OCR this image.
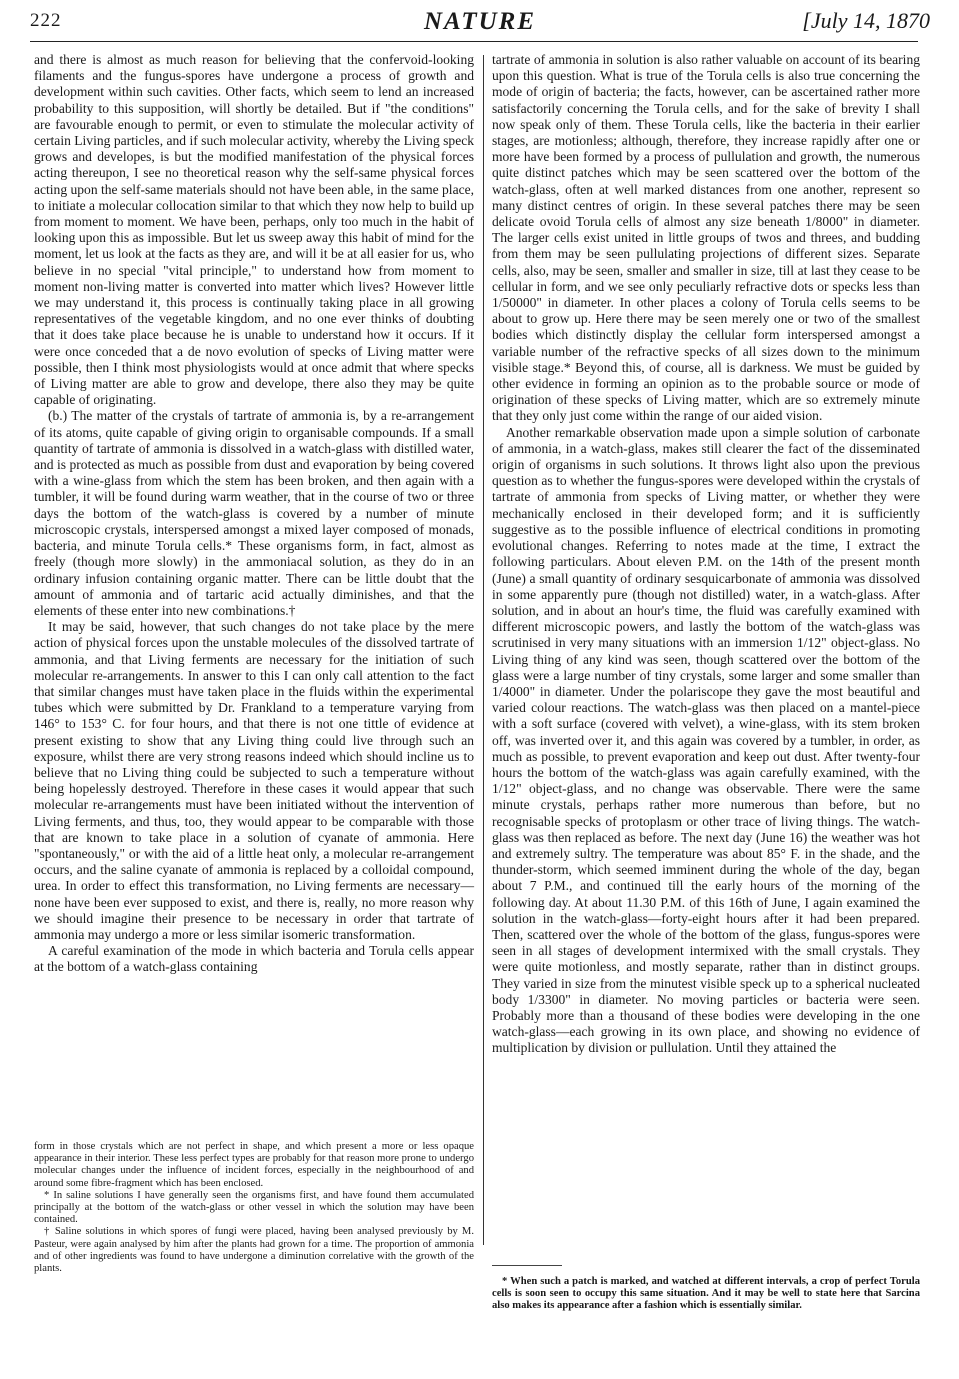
222	NATURE	[July 14, 1870

and there is almost as much reason for believing that the confervoid-looking filaments and the fungus-spores have undergone a process of growth and development within such cavities. Other facts, which seem to lend an increased probability to this supposition, will shortly be detailed. But if "the conditions" are favourable enough to permit, or even to stimulate the molecular activity of certain Living particles, and if such molecular activity, whereby the Living speck grows and developes, is but the modified manifestation of the physical forces acting thereupon, I see no theoretical reason why the self-same physical forces acting upon the self-same materials should not have been able, in the same place, to initiate a molecular collocation similar to that which they now help to build up from moment to moment. We have been, perhaps, only too much in the habit of looking upon this as impossible. But let us sweep away this habit of mind for the moment, let us look at the facts as they are, and will it be at all easier for us, who believe in no special "vital principle," to understand how from moment to moment non-living matter is converted into matter which lives? However little we may understand it, this process is continually taking place in all growing representatives of the vegetable kingdom, and no one ever thinks of doubting that it does take place because he is unable to understand how it occurs. If it were once conceded that a de novo evolution of specks of Living matter were possible, then I think most physiologists would at once admit that where specks of Living matter are able to grow and develope, there also they may be quite capable of originating.

(b.) The matter of the crystals of tartrate of ammonia is, by a re-arrangement of its atoms, quite capable of giving origin to organisable compounds. If a small quantity of tartrate of ammonia is dissolved in a watch-glass with distilled water, and is protected as much as possible from dust and evaporation by being covered with a wine-glass from which the stem has been broken, and then again with a tumbler, it will be found during warm weather, that in the course of two or three days the bottom of the watch-glass is covered by a number of minute microscopic crystals, interspersed amongst a mixed layer composed of monads, bacteria, and minute Torula cells.* These organisms form, in fact, almost as freely (though more slowly) in the ammoniacal solution, as they do in an ordinary infusion containing organic matter. There can be little doubt that the amount of ammonia and of tartaric acid actually diminishes, and that the elements of these enter into new combinations.†

It may be said, however, that such changes do not take place by the mere action of physical forces upon the unstable molecules of the dissolved tartrate of ammonia, and that Living ferments are necessary for the initiation of such molecular re-arrangements. In answer to this I can only call attention to the fact that similar changes must have taken place in the fluids within the experimental tubes which were submitted by Dr. Frankland to a temperature varying from 146° to 153° C. for four hours, and that there is not one tittle of evidence at present existing to show that any Living thing could live through such an exposure, whilst there are very strong reasons indeed which should incline us to believe that no Living thing could be subjected to such a temperature without being hopelessly destroyed. Therefore in these cases it would appear that such molecular re-arrangements must have been initiated without the intervention of Living ferments, and thus, too, they would appear to be comparable with those that are known to take place in a solution of cyanate of ammonia. Here "spontaneously," or with the aid of a little heat only, a molecular re-arrangement occurs, and the saline cyanate of ammonia is replaced by a colloidal compound, urea. In order to effect this transformation, no Living ferments are necessary—none have been ever supposed to exist, and there is, really, no more reason why we should imagine their presence to be necessary in order that tartrate of ammonia may undergo a more or less similar isomeric transformation.

A careful examination of the mode in which bacteria and Torula cells appear at the bottom of a watch-glass containing

form in those crystals which are not perfect in shape, and which present a more or less opaque appearance in their interior. These less perfect types are probably for that reason more prone to undergo molecular changes under the influence of incident forces, especially in the neighbourhood of and around some fibre-fragment which has been enclosed.

* In saline solutions I have generally seen the organisms first, and have found them accumulated principally at the bottom of the watch-glass or other vessel in which the solution may have been contained.

† Saline solutions in which spores of fungi were placed, having been analysed previously by M. Pasteur, were again analysed by him after the plants had grown for a time. The proportion of ammonia and of other ingredients was found to have undergone a diminution correlative with the growth of the plants.

tartrate of ammonia in solution is also rather valuable on account of its bearing upon this question. What is true of the Torula cells is also true concerning the mode of origin of bacteria; the facts, however, can be ascertained rather more satisfactorily concerning the Torula cells, and for the sake of brevity I shall now speak only of them. These Torula cells, like the bacteria in their earlier stages, are motionless; although, therefore, they increase rapidly after one or more have been formed by a process of pullulation and growth, the numerous quite distinct patches which may be seen scattered over the bottom of the watch-glass, often at well marked distances from one another, represent so many distinct centres of origin. In these several patches there may be seen delicate ovoid Torula cells of almost any size beneath 1/8000" in diameter. The larger cells exist united in little groups of twos and threes, and budding from them may be seen pullulating projections of different sizes. Separate cells, also, may be seen, smaller and smaller in size, till at last they cease to be cellular in form, and we see only peculiarly refractive dots or specks less than 1/50000" in diameter. In other places a colony of Torula cells seems to be about to grow up. Here there may be seen merely one or two of the smallest bodies which distinctly display the cellular form interspersed amongst a variable number of the refractive specks of all sizes down to the minimum visible stage.* Beyond this, of course, all is darkness. We must be guided by other evidence in forming an opinion as to the probable source or mode of origination of these specks of Living matter, which are so extremely minute that they only just come within the range of our aided vision.

Another remarkable observation made upon a simple solution of carbonate of ammonia, in a watch-glass, makes still clearer the fact of the disseminated origin of organisms in such solutions. It throws light also upon the previous question as to whether the fungus-spores were developed within the crystals of tartrate of ammonia from specks of Living matter, or whether they were mechanically enclosed in their developed form; and it is sufficiently suggestive as to the possible influence of electrical conditions in promoting evolutional changes. Referring to notes made at the time, I extract the following particulars. About eleven P.M. on the 14th of the present month (June) a small quantity of ordinary sesquicarbonate of ammonia was dissolved in some apparently pure (though not distilled) water, in a watch-glass. After solution, and in about an hour's time, the fluid was carefully examined with different microscopic powers, and lastly the bottom of the watch-glass was scrutinised in very many situations with an immersion 1/12" object-glass. No Living thing of any kind was seen, though scattered over the bottom of the glass were a large number of tiny crystals, some larger and some smaller than 1/4000" in diameter. Under the polariscope they gave the most beautiful and varied colour reactions. The watch-glass was then placed on a mantel-piece with a soft surface (covered with velvet), a wine-glass, with its stem broken off, was inverted over it, and this again was covered by a tumbler, in order, as much as possible, to prevent evaporation and keep out dust. After twenty-four hours the bottom of the watch-glass was again carefully examined, with the 1/12" object-glass, and no change was observable. There were the same minute crystals, perhaps rather more numerous than before, but no recognisable specks of protoplasm or other trace of living things. The watch-glass was then replaced as before. The next day (June 16) the weather was hot and extremely sultry. The temperature was about 85° F. in the shade, and the thunder-storm, which seemed imminent during the whole of the day, began about 7 P.M., and continued till the early hours of the morning of the following day. At about 11.30 P.M. of this 16th of June, I again examined the solution in the watch-glass—forty-eight hours after it had been prepared. Then, scattered over the whole of the bottom of the glass, fungus-spores were seen in all stages of development intermixed with the small crystals. They were quite motionless, and mostly separate, rather than in distinct groups. They varied in size from the minutest visible speck up to a spherical nucleated body 1/3300" in diameter. No moving particles or bacteria were seen. Probably more than a thousand of these bodies were developing in the one watch-glass—each growing in its own place, and showing no evidence of multiplication by division or pullulation. Until they attained the

* When such a patch is marked, and watched at different intervals, a crop of perfect Torula cells is soon seen to occupy this same situation. And it may be well to state here that Sarcina also makes its appearance after a fashion which is essentially similar.
